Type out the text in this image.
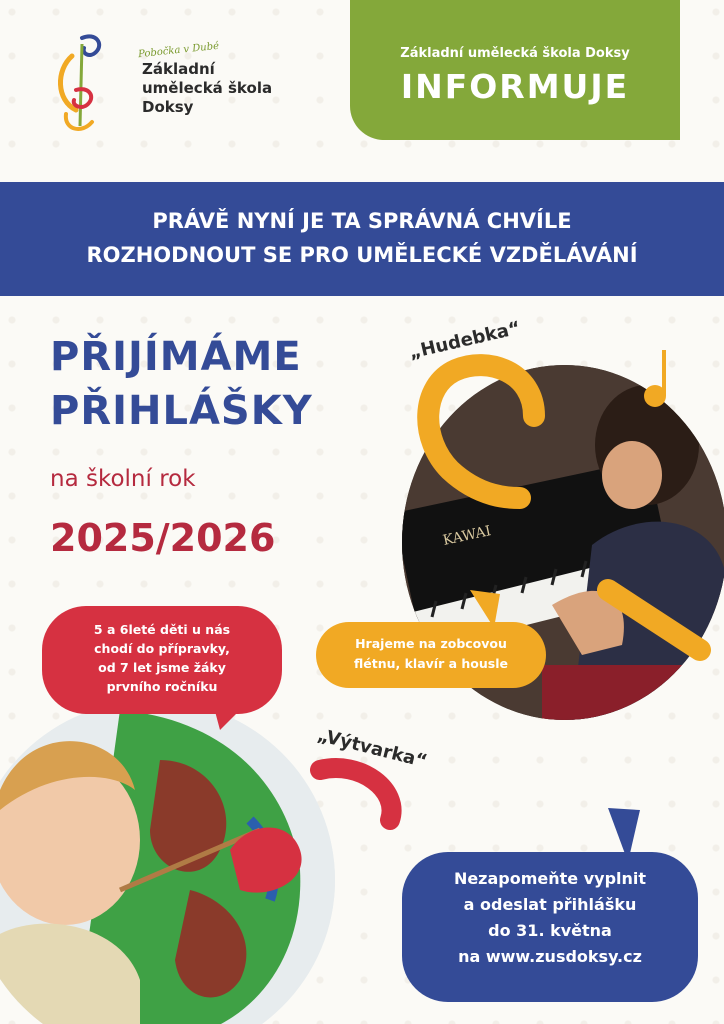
Pobočka v Dubé
Základní
umělecká škola
Doksy
Základní umělecká škola Doksy
INFORMUJE

PRÁVĚ NYNÍ JE TA SPRÁVNÁ CHVÍLE

ROZHODNOUT SE PRO UMĚLECKÉ VZDĚLÁVÁNÍ

PŘIJÍMÁME
PŘIHLÁŠKY
na školní rok
2025/2026	KAWAI
„Hudebka“
„Výtvarka“
5 a 6leté děti u nás
chodí do přípravky,
od 7 let jsme žáky
prvního ročníku
Hrajeme na zobcovou
flétnu, klavír a housle
Nezapomeňte vyplnit
a odeslat přihlášku
do 31. května
na www.zusdoksy.cz
